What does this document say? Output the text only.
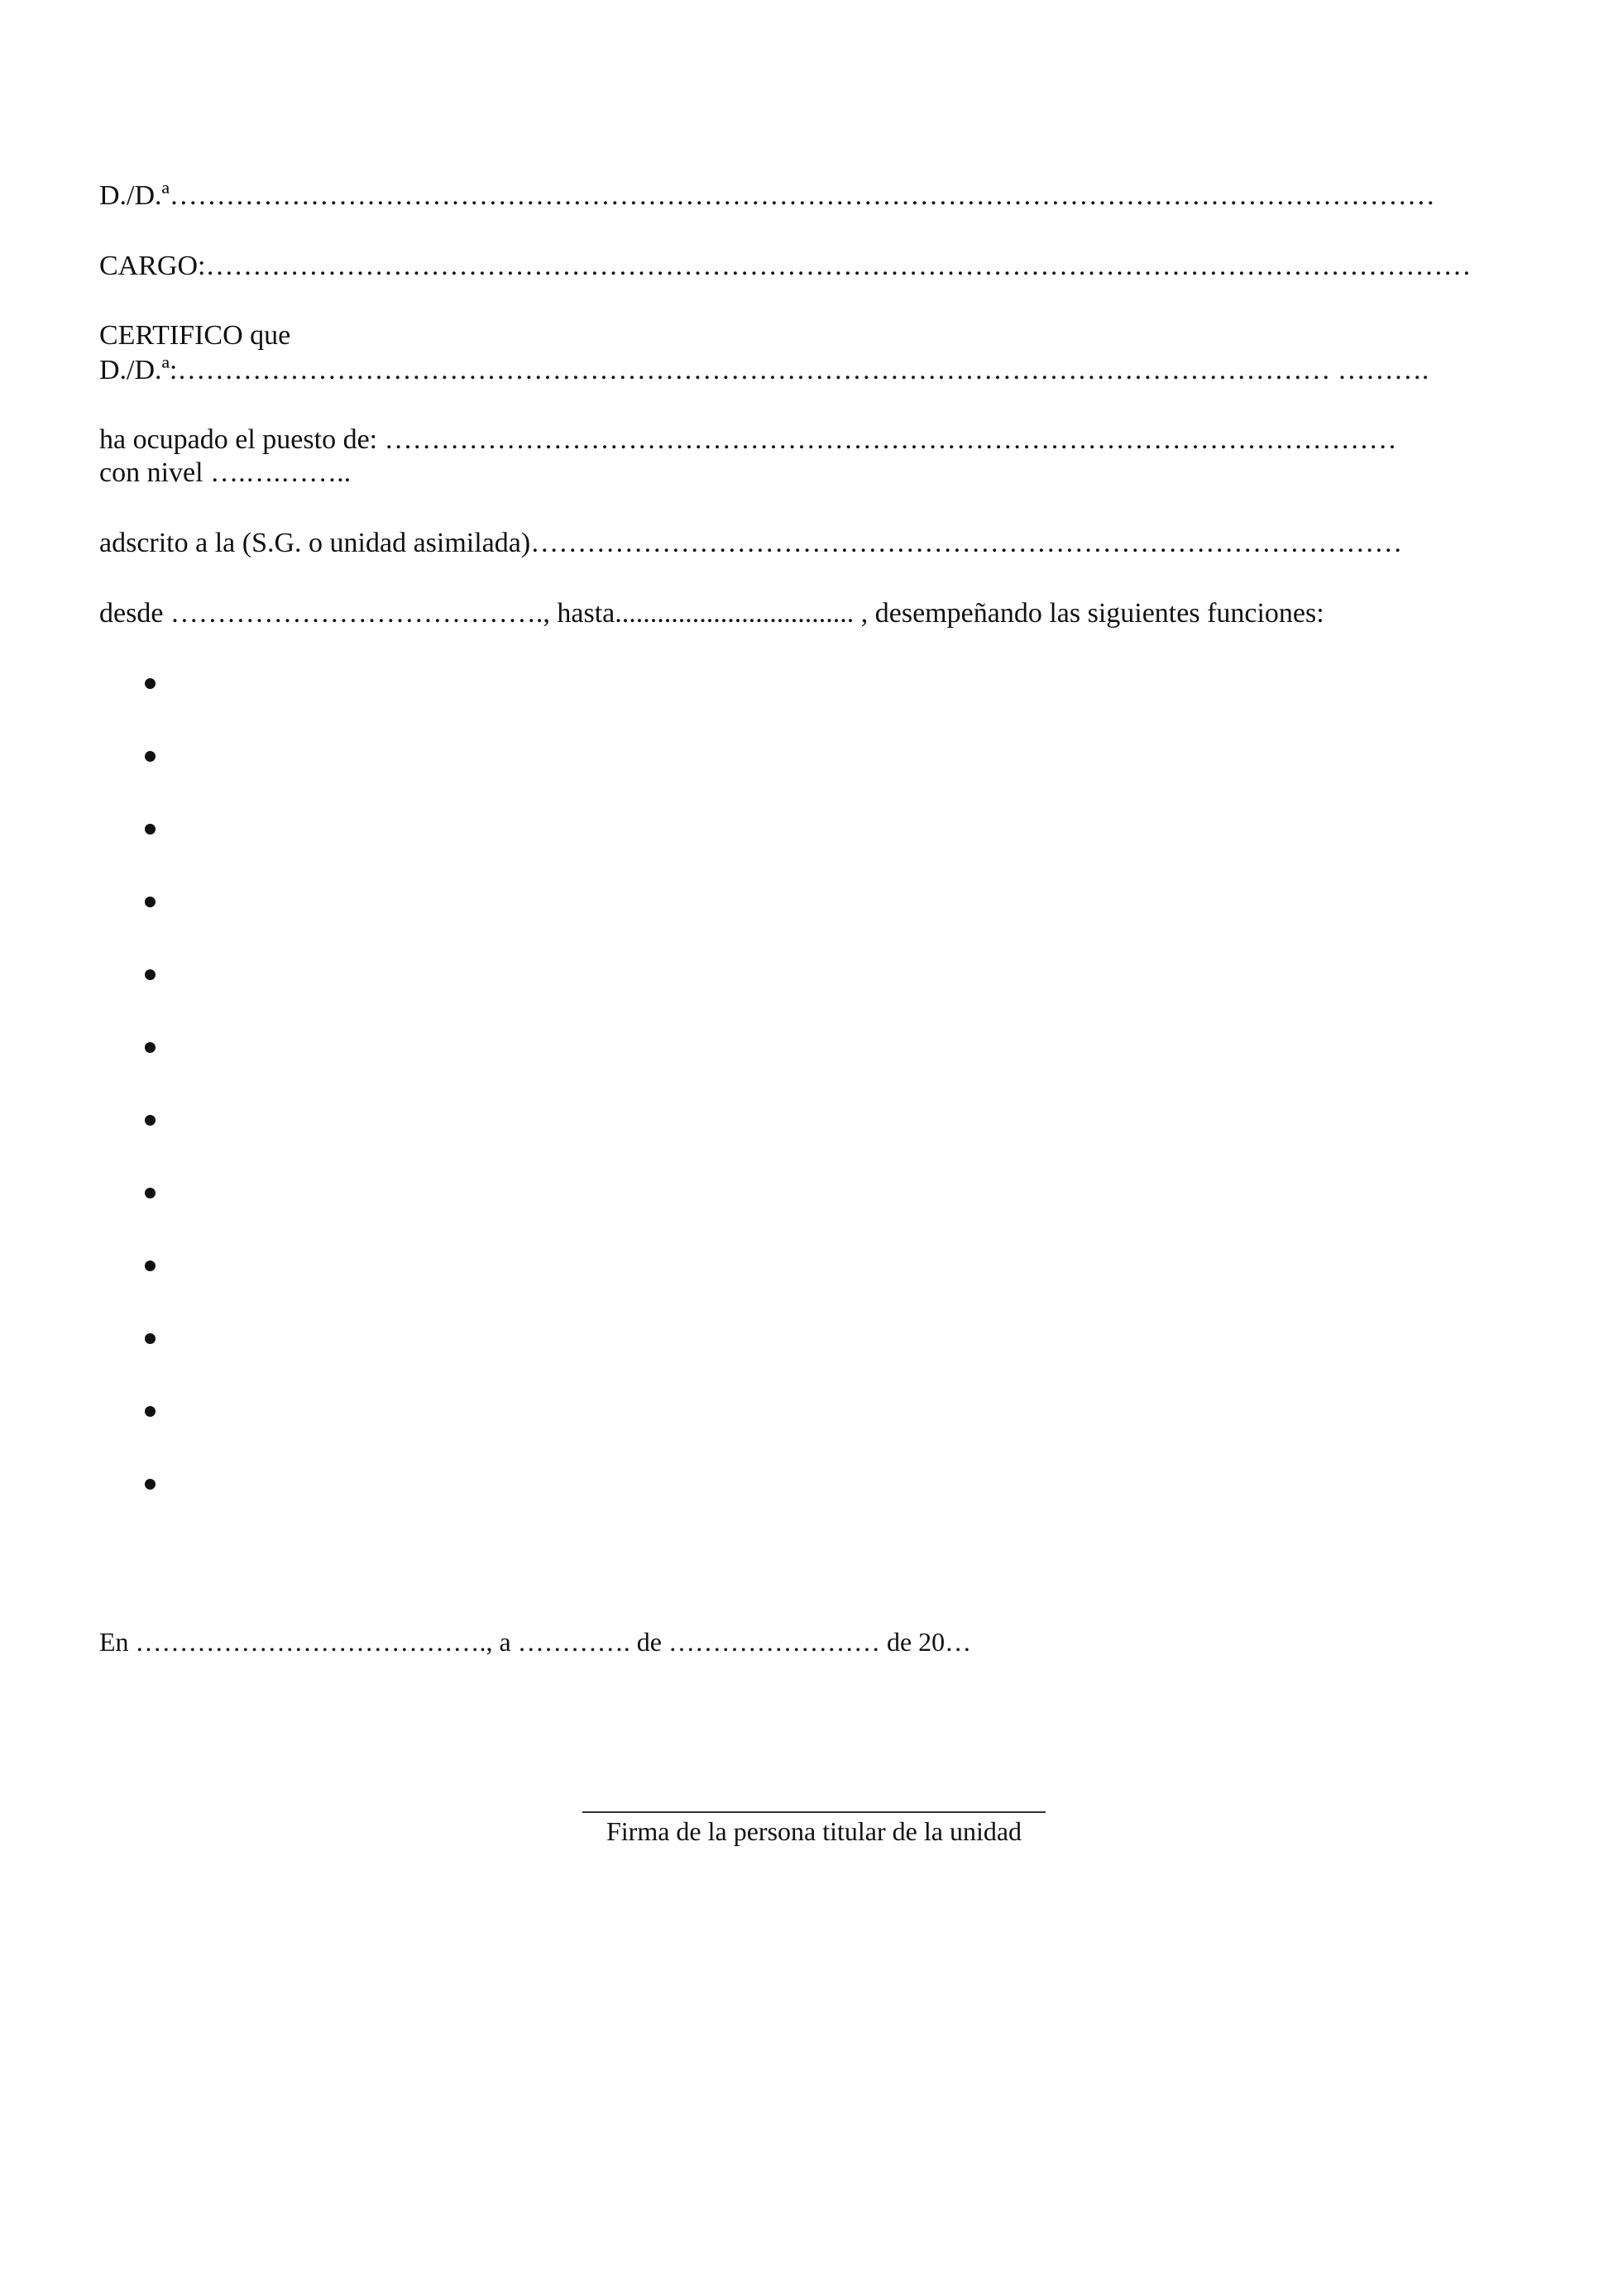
D./D.ª………………………………………………………………………………………………………………………
CARGO:………………………………………………………………………………………………………………………
CERTIFICO que
D./D.ª:…………………………………………………………………………………………………………… ……….
ha ocupado el puesto de: ………………………………………………………………………………………………
con nivel ….….……..
adscrito a la (S.G. o unidad asimilada)…………………………………………………………………………………
desde …………………………………., hasta.................................. , desempeñando las siguientes funciones:
En …………………………………., a …………. de …………………… de 20…
Firma de la persona titular de la unidad
